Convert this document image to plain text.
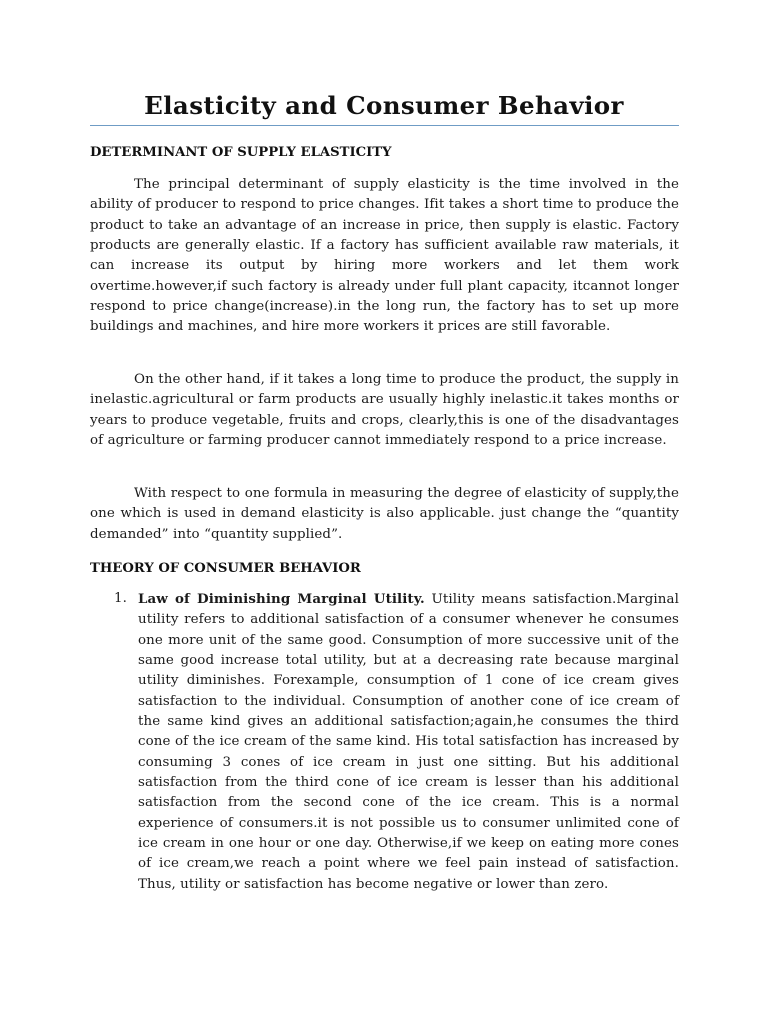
Elasticity and Consumer Behavior
DETERMINANT OF SUPPLY ELASTICITY

The principal determinant of supply elasticity is the time involved in the ability of producer to respond to price changes. Ifit takes a short time to produce the product to take an advantage of an increase in price, then supply is elastic. Factory products are generally elastic. If a factory has sufficient available raw materials, it can increase its output by hiring more workers and let them work overtime.however,if such factory is already under full plant capacity, itcannot longer respond to price change(increase).in the long run, the factory has to set up more buildings and machines, and hire more workers it prices are still favorable.

On the other hand, if it takes a long time to produce the product, the supply in inelastic.agricultural or farm products are usually highly inelastic.it takes months or years to produce vegetable, fruits and crops, clearly,this is one of the disadvantages of agriculture or farming producer cannot immediately respond to a price increase.

With respect to one formula in measuring the degree of elasticity of supply,the one which is used in demand elasticity is also applicable. just change the “quantity demanded” into “quantity supplied”.

THEORY OF CONSUMER BEHAVIOR
1. Law of Diminishing Marginal Utility. Utility means satisfaction.Marginal utility refers to additional satisfaction of a consumer whenever he consumes one more unit of the same good. Consumption of more successive unit of the same good increase total utility, but at a decreasing rate because marginal utility diminishes. Forexample, consumption of 1 cone of ice cream gives satisfaction to the individual. Consumption of another cone of ice cream of the same kind gives an additional satisfaction;again,he consumes the third cone of the ice cream of the same kind. His total satisfaction has increased by consuming 3 cones of ice cream in just one sitting. But his additional satisfaction from the third cone of ice cream is lesser than his additional satisfaction from the second cone of the ice cream. This is a normal experience of consumers.it is not possible us to consumer unlimited cone of ice cream in one hour or one day. Otherwise,if we keep on eating more cones of ice cream,we reach a point where we feel pain instead of satisfaction. Thus, utility or satisfaction has become negative or lower than zero.
